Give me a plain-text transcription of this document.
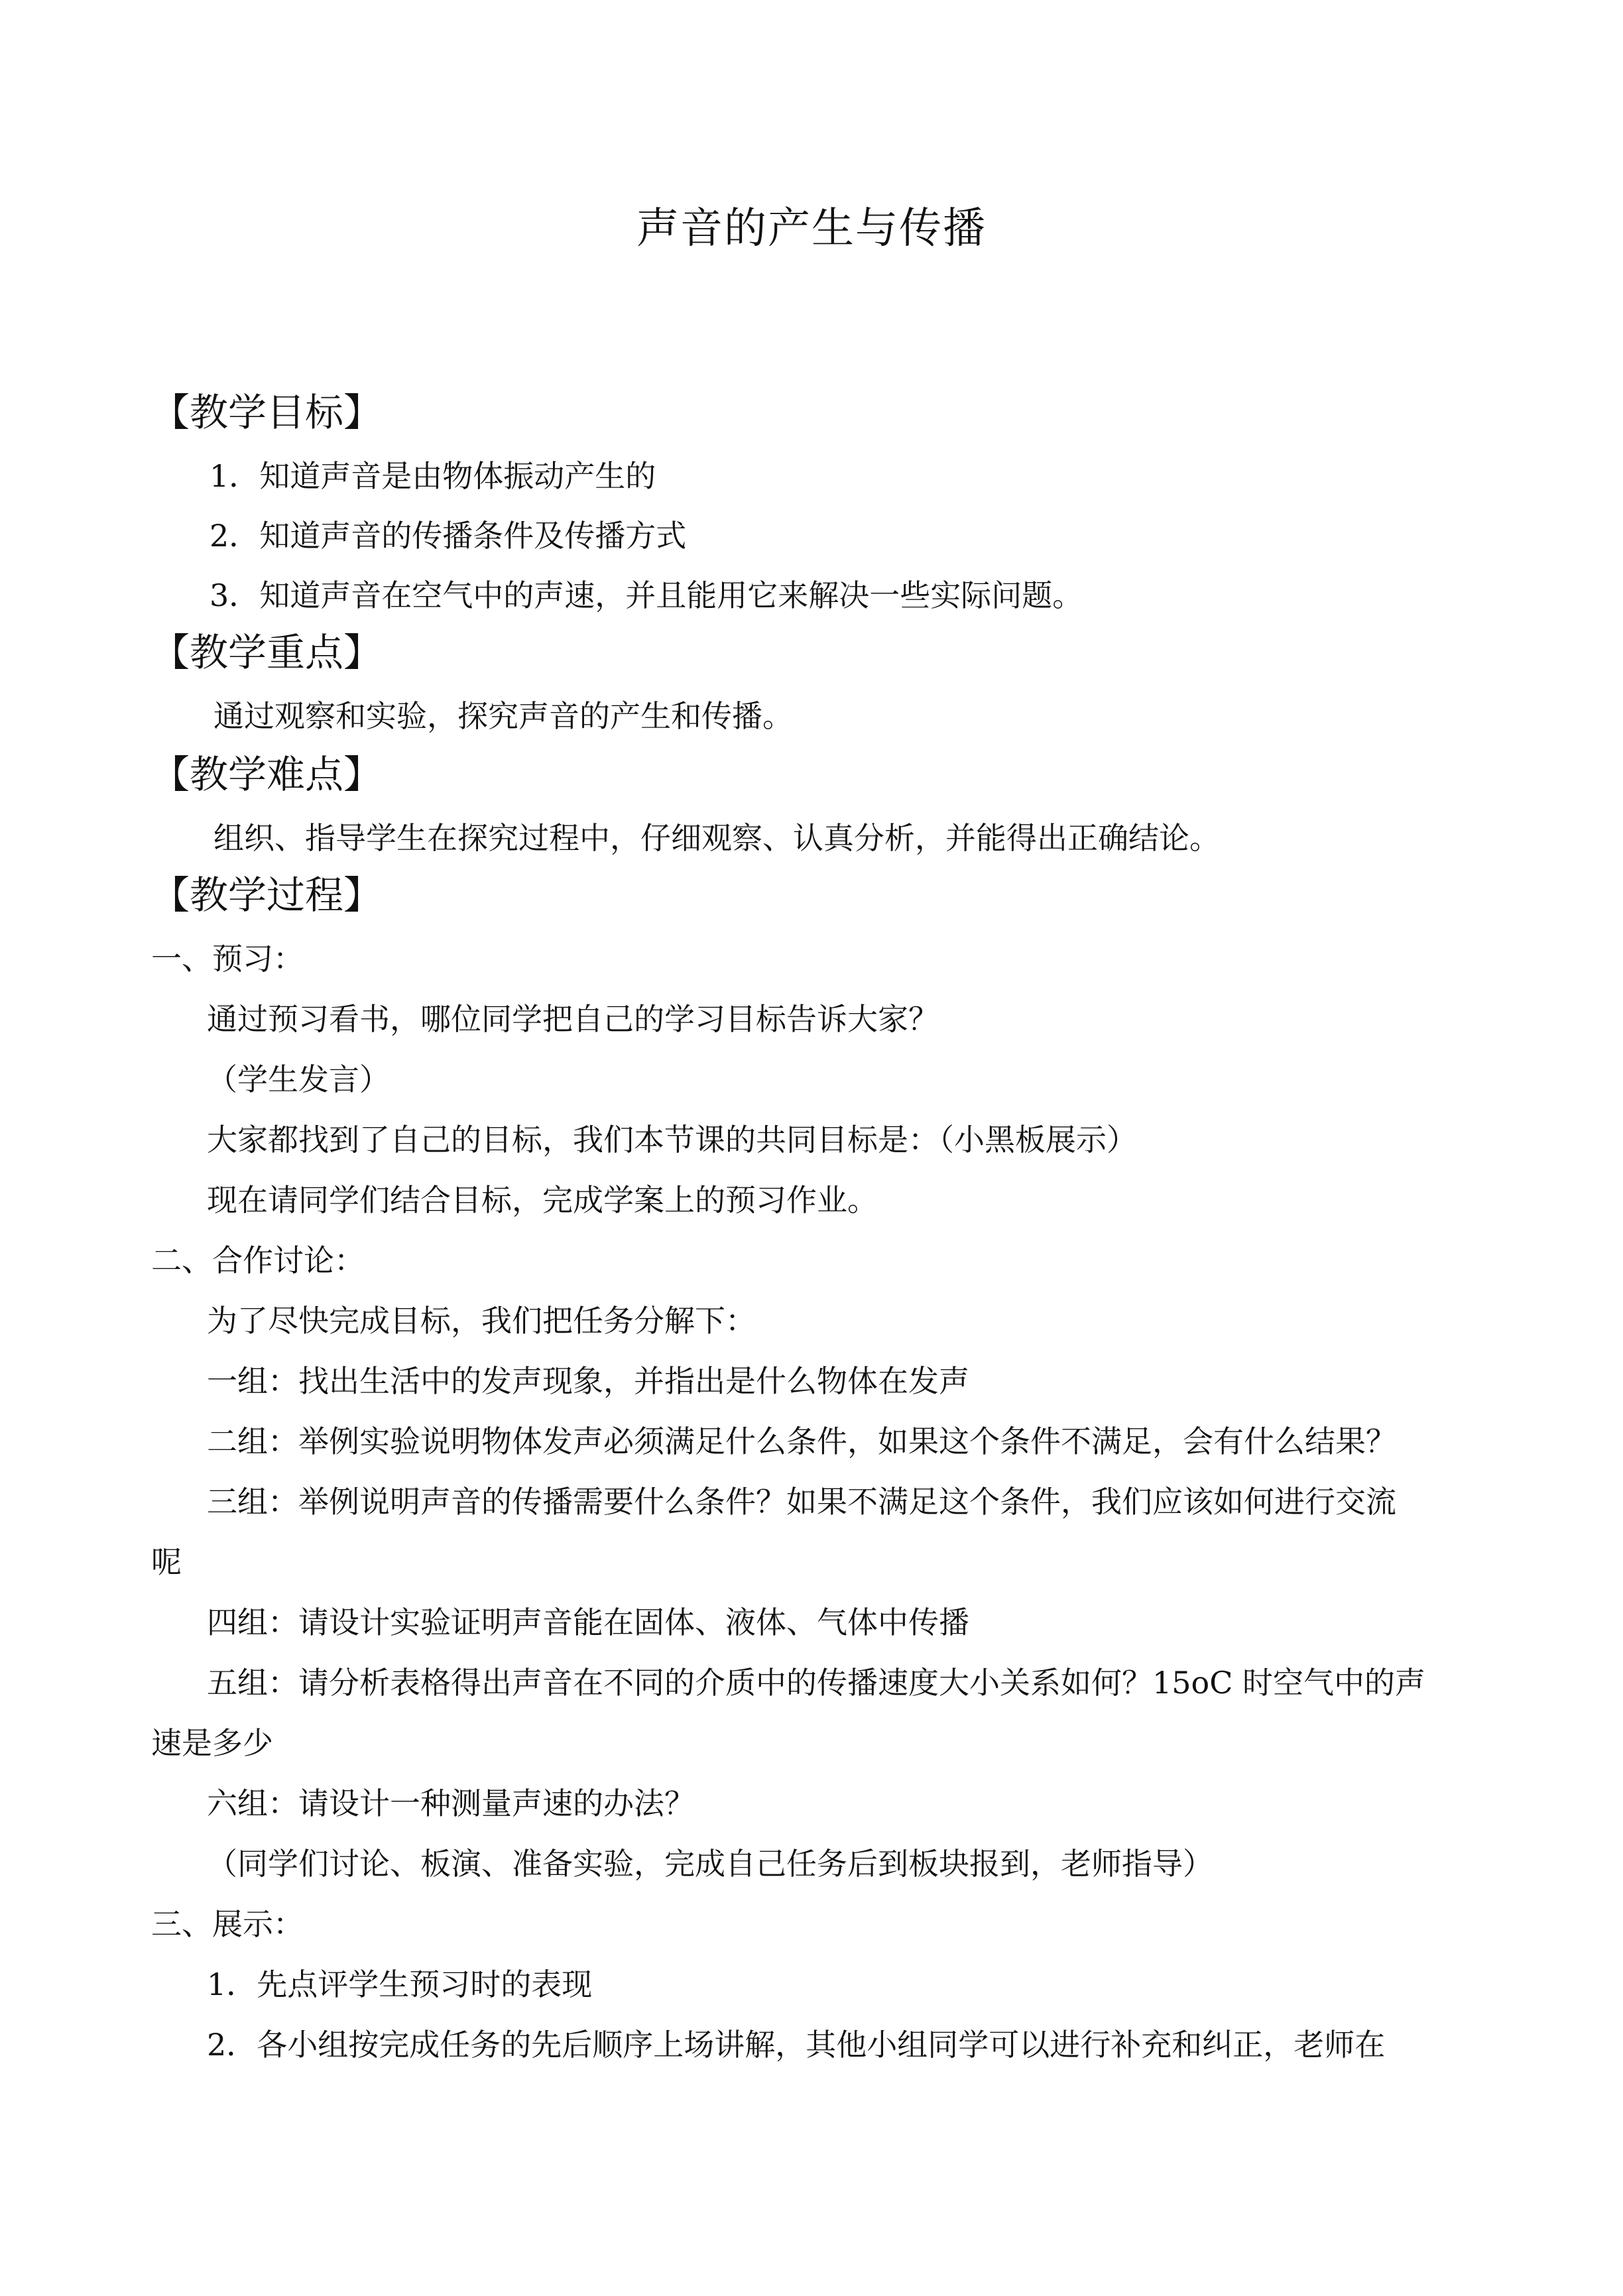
声音的产生与传播
【教学目标】
1．知道声音是由物体振动产生的
2．知道声音的传播条件及传播方式
3．知道声音在空气中的声速，并且能用它来解决一些实际问题。
【教学重点】
通过观察和实验，探究声音的产生和传播。
【教学难点】
组织、指导学生在探究过程中，仔细观察、认真分析，并能得出正确结论。
【教学过程】
一、预习：
通过预习看书，哪位同学把自己的学习目标告诉大家？
（学生发言）
大家都找到了自己的目标，我们本节课的共同目标是：（小黑板展示）
现在请同学们结合目标，完成学案上的预习作业。
二、合作讨论：
为了尽快完成目标，我们把任务分解下：
一组：找出生活中的发声现象，并指出是什么物体在发声
二组：举例实验说明物体发声必须满足什么条件，如果这个条件不满足，会有什么结果？
三组：举例说明声音的传播需要什么条件？如果不满足这个条件，我们应该如何进行交流
呢
四组：请设计实验证明声音能在固体、液体、气体中传播
五组：请分析表格得出声音在不同的介质中的传播速度大小关系如何？15oC 时空气中的声
速是多少
六组：请设计一种测量声速的办法？
（同学们讨论、板演、准备实验，完成自己任务后到板块报到，老师指导）
三、展示：
1．先点评学生预习时的表现
2．各小组按完成任务的先后顺序上场讲解，其他小组同学可以进行补充和纠正，老师在
